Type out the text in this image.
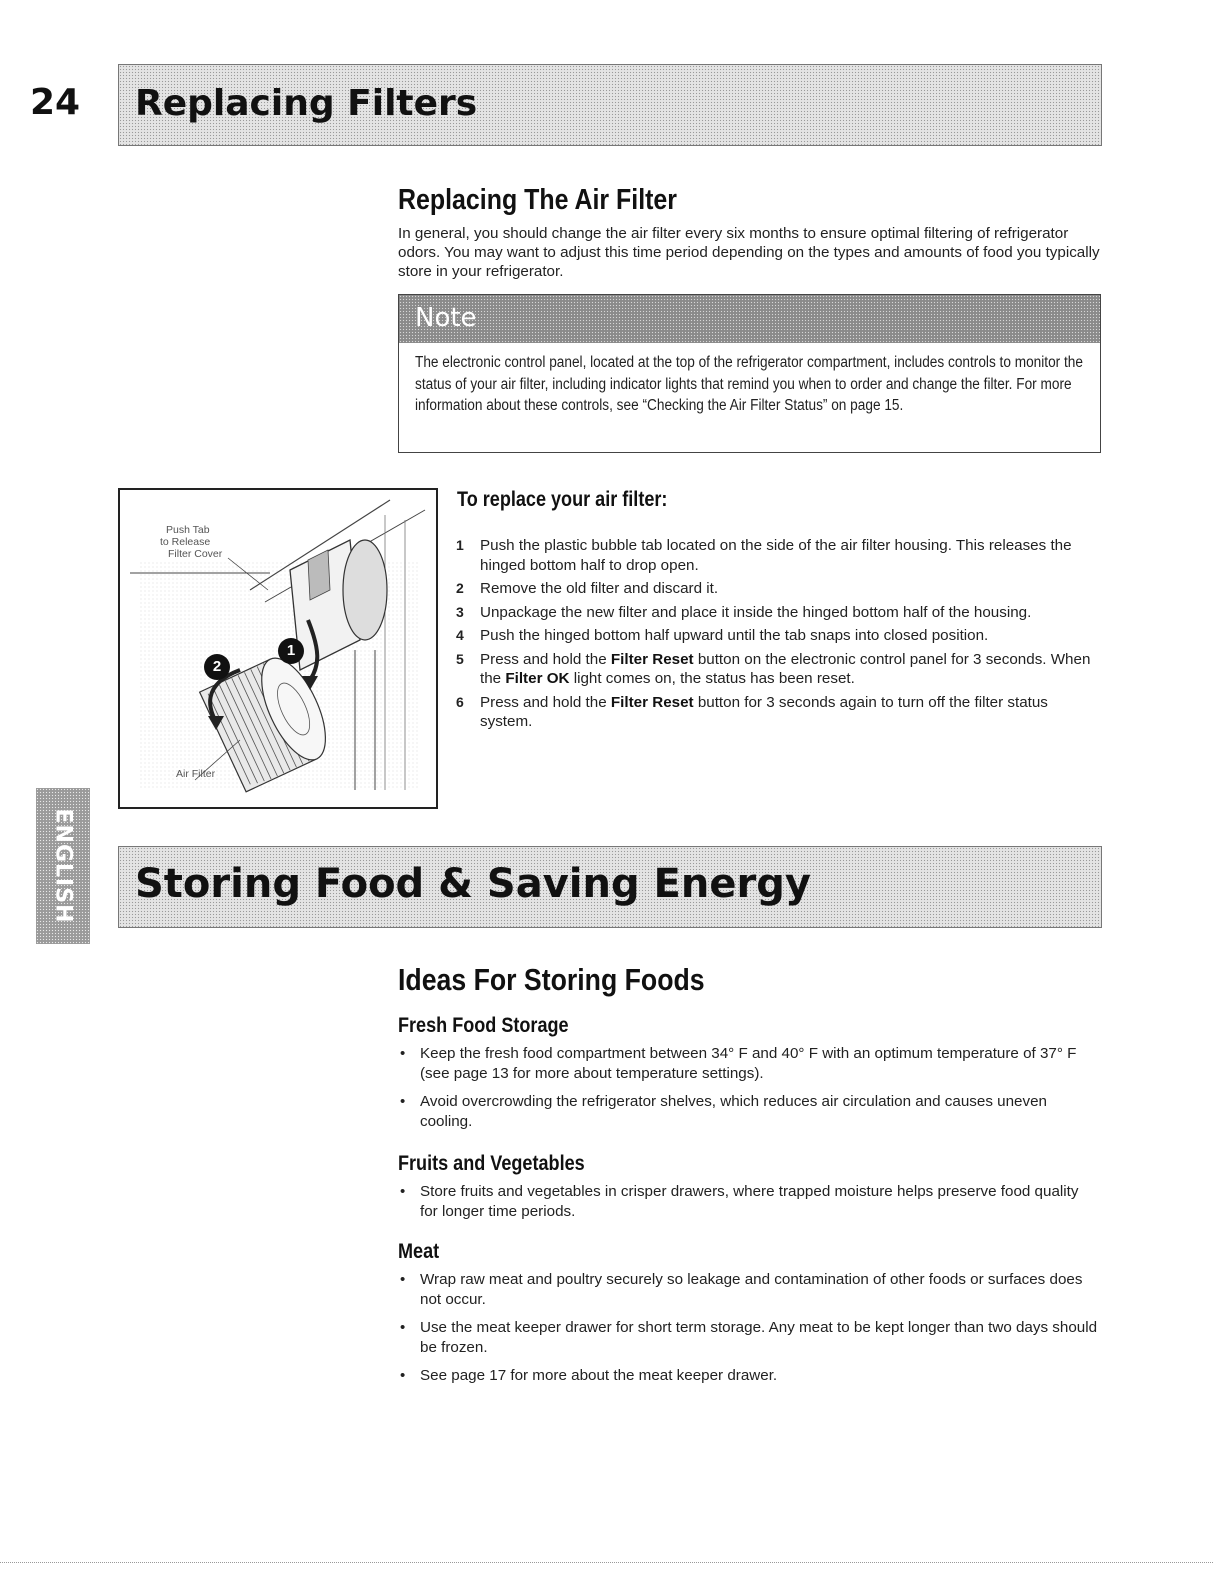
24 Replacing Filters
Replacing The Air Filter
In general, you should change the air filter every six months to ensure optimal filtering of refrigerator odors. You may want to adjust this time period depending on the types and amounts of food you typically store in your refrigerator.
Note
The electronic control panel, located at the top of the refrigerator compartment, includes controls to monitor the status of your air filter, including indicator lights that remind you when to order and change the filter. For more information about these controls, see “Checking the Air Filter Status” on page 15.
1
2
Push Tab
to Release
Filter Cover
Air Filter
To replace your air filter:
1 Push the plastic bubble tab located on the side of the air filter housing. This releases the hinged bottom half to drop open.
2 Remove the old filter and discard it.
3 Unpackage the new filter and place it inside the hinged bottom half of the housing.
4 Push the hinged bottom half upward until the tab snaps into closed position.
5 Press and hold the Filter Reset button on the electronic control panel for 3 seconds. When the Filter OK light comes on, the status has been reset.
6 Press and hold the Filter Reset button for 3 seconds again to turn off the filter status system.
ENGLISH Storing Food & Saving Energy
Ideas For Storing Foods
Fresh Food Storage
• Keep the fresh food compartment between 34° F and 40° F with an optimum temperature of 37° F (see page 13 for more about temperature settings).
• Avoid overcrowding the refrigerator shelves, which reduces air circulation and causes uneven cooling.
Fruits and Vegetables
• Store fruits and vegetables in crisper drawers, where trapped moisture helps preserve food quality for longer time periods.
Meat
• Wrap raw meat and poultry securely so leakage and contamination of other foods or surfaces does not occur.
• Use the meat keeper drawer for short term storage. Any meat to be kept longer than two days should be frozen.
• See page 17 for more about the meat keeper drawer.
